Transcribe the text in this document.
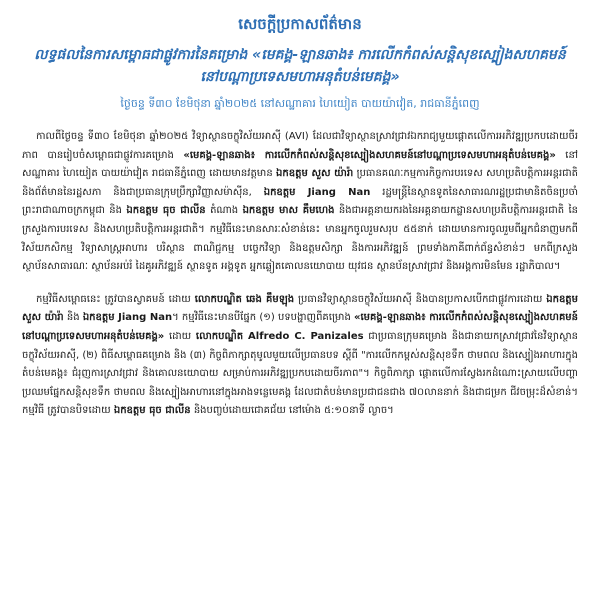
សេចក្តីប្រកាសព័ត៌មាន
លទ្ធផលនៃការសម្ពោធជាផ្លូវការនៃគម្រោង «មេគង្គ-ឡានឆាង៖ ការលើកកំពស់សន្តិសុខស្បៀងសហគមន៍នៅបណ្តាប្រទេសមហាអនុតំបន់មេគង្គ»
ថ្ងៃចន្ទ ទី៣០ ខែមិថុនា ឆ្នាំ២០២៥ នៅសណ្ឋាគារ ហៃយៀត បាយយ៉ាវៀត, រាជធានីភ្នំពេញ

កាលពីថ្ងៃចន្ទ ទី៣០ ខែមិថុនា ឆ្នាំ២០២៥ វិទ្យាស្ថានចក្ខុវិស័យអាស៊ី (AVI) ដែលជាវិទ្យាស្ថានស្រាវជ្រាវឯករាជ្យមួយផ្តោតលើការអភិវឌ្ឍប្រកបដោយចីរភាព បានរៀបចំសម្ពោធជាផ្លូវការគម្រោង «មេគង្គ-ឡានឆាង៖ ការលើកកំពស់សន្តិសុខស្បៀងសហគមន៍នៅបណ្តាប្រទេសមហាអនុតំបន់មេគង្គ» នៅសណ្ឋាគារ ហៃយៀត បាយយ៉ាវៀត រាជធានីភ្នំពេញ ដោយមានវត្តមាន ឯកឧត្តម សួស យ៉ារ៉ា ប្រធានគណៈកម្មការកិច្ចការបរទេស សហប្រតិបត្តិការអន្តរជាតិ និងព័ត៌មាននៃរដ្ឋសភា និងជាប្រធានក្រុមប្រឹក្សាវិញ្ញាសម៉ាស៊ីន, ឯកឧត្តម Jiang Nan រដ្ឋមន្ត្រីនៃស្ថានទូតនៃសាធារណរដ្ឋប្រជាមានិតចិនប្រចាំព្រះរាជាណាចក្រកម្ពុជា និង ឯកឧត្តម ធុច ជាលីន តំណាង ឯកឧត្តម មាស គឹមហេង និងជាអគ្គនាយករងនៃអគ្គនាយកដ្ឋានសហប្រតិបត្តិការអន្តរជាតិ នៃក្រសួងការបរទេស និងសហប្រតិបត្តិការអន្តរជាតិ។ កម្មវិធីនេះមានសារៈសំខាន់នេះ មានអ្នកចូលរួមសរុប ៥៥នាក់ ដោយមានការចូលរួមពីអ្នកជំនាញមកពីវិស័យកសិកម្ម វិទ្យាសាស្ត្រអាហារ បរិស្ថាន ពាណិជ្ជកម្ម បច្ចេកវិទ្យា និងឧត្តមសិក្សា និងការអភិវឌ្ឍន៍ ព្រមទាំងភាគីពាក់ព័ន្ធសំខាន់ៗ មកពីក្រសួងស្ថាប័នសាធារណៈ ស្ថាប័នអប់រំ ដៃគូអភិវឌ្ឍន៍ ស្ថានទូត អង្គទូត អ្នកឆ្លៀតគោលនយោបាយ យុវជន ស្ថានប័នស្រាវជ្រាវ និងអង្គការមិនមែន រដ្ឋាភិបាល។

កម្មវិធីសម្ពោធនេះ ត្រូវបានស្វាគមន៍ ដោយ លោកបណ្ឌិត ឆេង គឹមឡុង ប្រធានវិទ្យាស្ថានចក្ខុវិស័យអាស៊ី និងបានប្រកាសបើកជាផ្លូវការដោយ ឯកឧត្តម សួស យ៉ារ៉ា និង ឯកឧត្តម Jiang Nan។ កម្មវិធីនេះមានបីផ្នែក (១) បទបង្ហាញពីគម្រោង «មេគង្គ-ឡានឆាង៖ ការលើកកំពស់សន្តិសុខស្បៀងសហគមន៍នៅបណ្តាប្រទេសមហាអនុតំបន់មេគង្គ» ដោយ លោកបណ្ឌិត Alfredo C. Panizales ជាប្រធានក្រុមគម្រោង និងជានាយកស្រាវជ្រាវនៃវិទ្យាស្ថានចក្ខុវិស័យអាស៊ី, (២) ពិធីសម្ពោធគម្រោង និង (៣) កិច្ចពិភាក្សាតុមូលមួយលើប្រធានបទ ស្តីពី "ការលើកកម្ពស់សន្តិសុខទឹក ថាមពល និងស្បៀងអាហារក្នុងតំបន់មេគង្គ៖ ជំរុញការស្រាវជ្រាវ និងគោលនយោបាយ សម្រាប់ការអភិវឌ្ឍប្រកបដោយចីរភាព"។ កិច្ចពិភាក្សា ផ្តោតលើការស្វែងរកដំណោះស្រាយលើបញ្ហាប្រឈមផ្នែកសន្តិសុខទឹក ថាមពល និងស្បៀងអាហារនៅក្នុងអាងទន្លេមេគង្គ ដែលជាតំបន់មានប្រជាជនជាង ៧០លាននាក់ និងជាជម្រក ជីវចម្រុះដ៏សំខាន់។ កម្មវិធី ត្រូវបានបិទដោយ ឯកឧត្តម ធុច ជាលីន និងបញ្ចប់ដោយជោគជ័យ នៅម៉ោង ៥:១០នាទី ល្ងាច។
